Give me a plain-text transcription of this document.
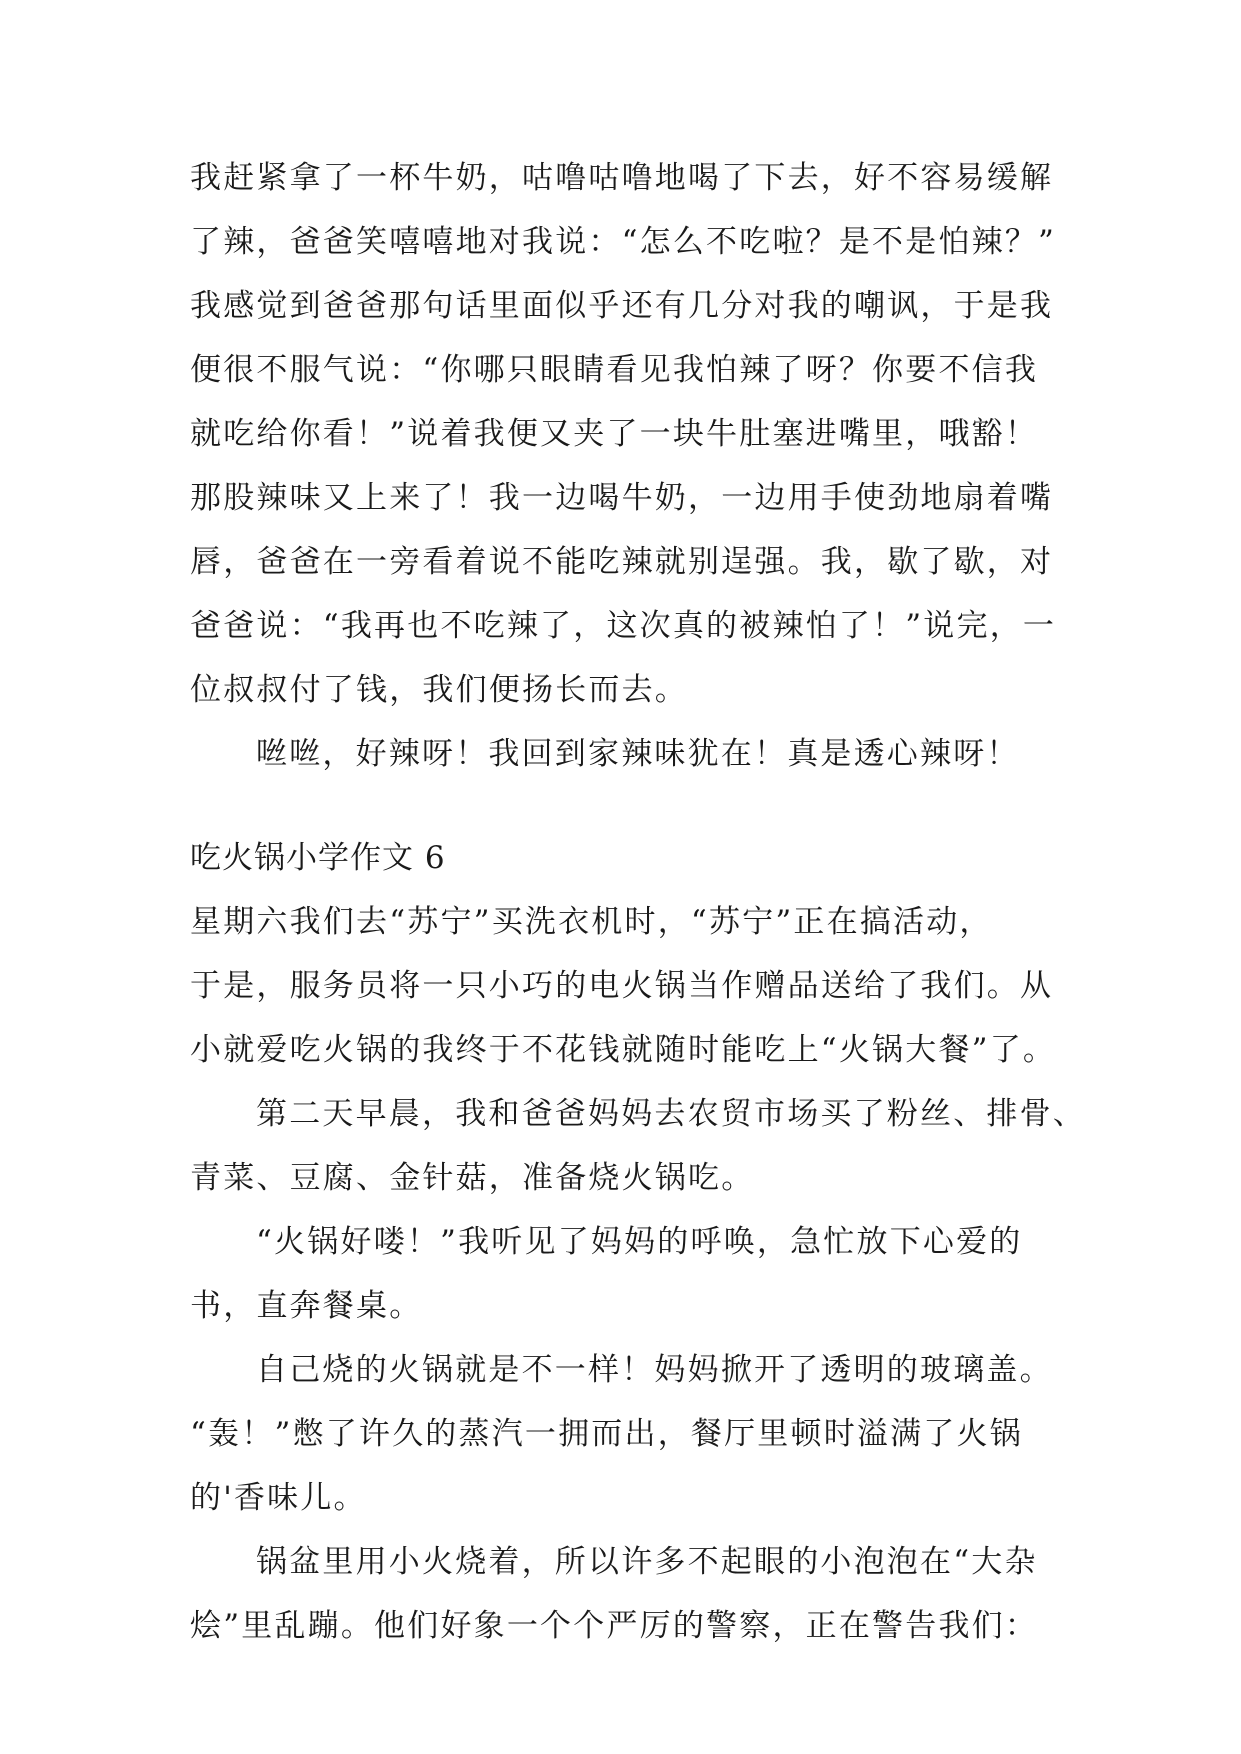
我赶紧拿了一杯牛奶，咕噜咕噜地喝了下去，好不容易缓解
了辣，爸爸笑嘻嘻地对我说：“怎么不吃啦？是不是怕辣？”
我感觉到爸爸那句话里面似乎还有几分对我的嘲讽，于是我
便很不服气说：“你哪只眼睛看见我怕辣了呀？你要不信我
就吃给你看！”说着我便又夹了一块牛肚塞进嘴里，哦豁！
那股辣味又上来了！我一边喝牛奶，一边用手使劲地扇着嘴
唇，爸爸在一旁看着说不能吃辣就别逞强。我，歇了歇，对
爸爸说：“我再也不吃辣了，这次真的被辣怕了！”说完，一
位叔叔付了钱，我们便扬长而去。
咝咝，好辣呀！我回到家辣味犹在！真是透心辣呀！
吃火锅小学作文 6
星期六我们去“苏宁”买洗衣机时，“苏宁”正在搞活动，
于是，服务员将一只小巧的电火锅当作赠品送给了我们。从
小就爱吃火锅的我终于不花钱就随时能吃上“火锅大餐”了。
第二天早晨，我和爸爸妈妈去农贸市场买了粉丝、排骨、
青菜、豆腐、金针菇，准备烧火锅吃。
“火锅好喽！”我听见了妈妈的呼唤，急忙放下心爱的
书，直奔餐桌。
自己烧的火锅就是不一样！妈妈掀开了透明的玻璃盖。
“轰！”憋了许久的蒸汽一拥而出，餐厅里顿时溢满了火锅
的'香味儿。
锅盆里用小火烧着，所以许多不起眼的小泡泡在“大杂
烩”里乱蹦。他们好象一个个严厉的警察，正在警告我们：
